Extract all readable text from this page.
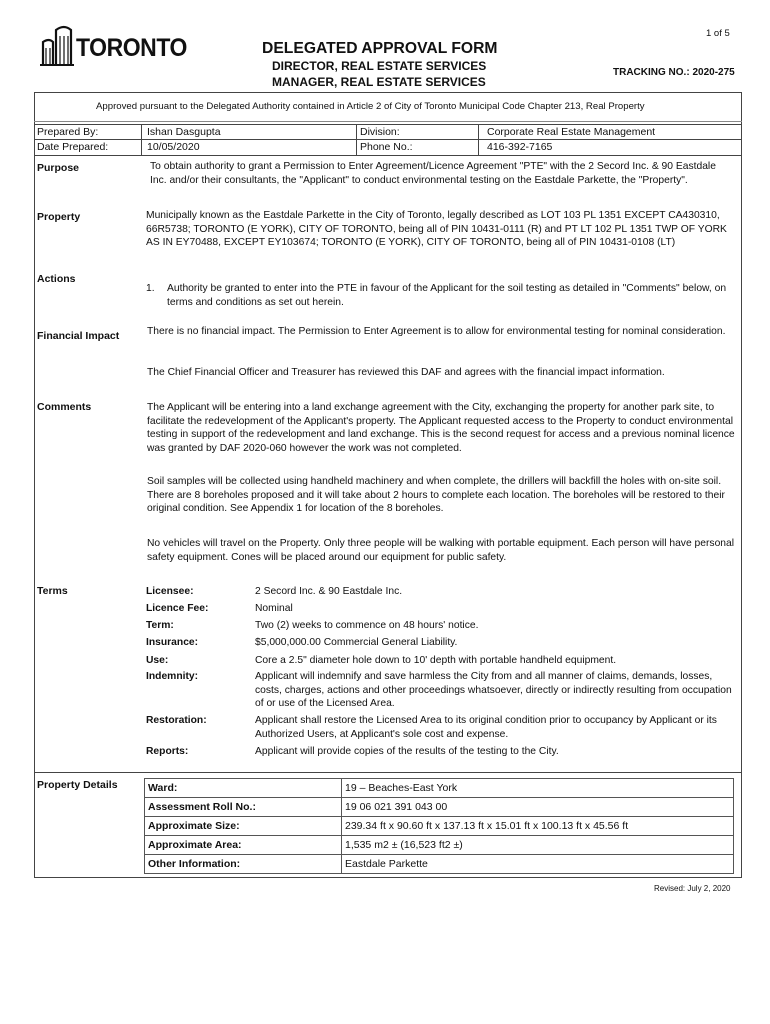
1 of 5
TORONTO	DELEGATED APPROVAL FORM
DIRECTOR, REAL ESTATE SERVICES
MANAGER, REAL ESTATE SERVICES
TRACKING NO.: 2020-275
Approved pursuant to the Delegated Authority contained in Article 2 of City of Toronto Municipal Code Chapter 213, Real Property
Prepared By:	Ishan Dasgupta	Division:	Corporate Real Estate Management
Date Prepared:	10/05/2020	Phone No.:	416-392-7165
Purpose	To obtain authority to grant a Permission to Enter Agreement/Licence Agreement "PTE" with the 2 Secord Inc. & 90 Eastdale Inc. and/or their consultants, the "Applicant" to conduct environmental testing on the Eastdale Parkette, the "Property".
Property	Municipally known as the Eastdale Parkette in the City of Toronto, legally described as LOT 103 PL 1351 EXCEPT CA430310, 66R5738; TORONTO (E YORK), CITY OF TORONTO, being all of PIN 10431-0111 (R) and PT LT 102 PL 1351 TWP OF YORK AS IN EY70488, EXCEPT EY103674; TORONTO (E YORK), CITY OF TORONTO, being all of PIN 10431-0108 (LT)
Actions
1. Authority be granted to enter into the PTE in favour of the Applicant for the soil testing as detailed in "Comments" below, on terms and conditions as set out herein.
Financial Impact	There is no financial impact. The Permission to Enter Agreement is to allow for environmental testing for nominal consideration.
The Chief Financial Officer and Treasurer has reviewed this DAF and agrees with the financial impact information.
Comments	The Applicant will be entering into a land exchange agreement with the City, exchanging the property for another park site, to facilitate the redevelopment of the Applicant's property. The Applicant requested access to the Property to conduct environmental testing in support of the redevelopment and land exchange. This is the second request for access and a previous nominal licence was granted by DAF 2020-060 however the work was not completed.
Soil samples will be collected using handheld machinery and when complete, the drillers will backfill the holes with on-site soil. There are 8 boreholes proposed and it will take about 2 hours to complete each location. The boreholes will be restored to their original condition. See Appendix 1 for location of the 8 boreholes.
No vehicles will travel on the Property. Only three people will be walking with portable equipment. Each person will have personal safety equipment. Cones will be placed around our equipment for public safety.
Terms	Licensee:	2 Secord Inc. & 90 Eastdale Inc.
Licence Fee:	Nominal
Term:	Two (2) weeks to commence on 48 hours' notice.
Insurance:	$5,000,000.00 Commercial General Liability.
Use:	Core a 2.5" diameter hole down to 10' depth with portable handheld equipment.
Indemnity:	Applicant will indemnify and save harmless the City from and all manner of claims, demands, losses, costs, charges, actions and other proceedings whatsoever, directly or indirectly resulting from occupation of or use of the Licensed Area.
Restoration:	Applicant shall restore the Licensed Area to its original condition prior to occupancy by Applicant or its Authorized Users, at Applicant's sole cost and expense.
Reports:	Applicant will provide copies of the results of the testing to the City.
Property Details	Ward:	19 – Beaches-East York
Assessment Roll No.:	19 06 021 391 043 00
Approximate Size:	239.34 ft x 90.60 ft x 137.13 ft x 15.01 ft x 100.13 ft x 45.56 ft
Approximate Area:	1,535 m2 ± (16,523 ft2 ±)
Other Information:	Eastdale Parkette
Revised: July 2, 2020
